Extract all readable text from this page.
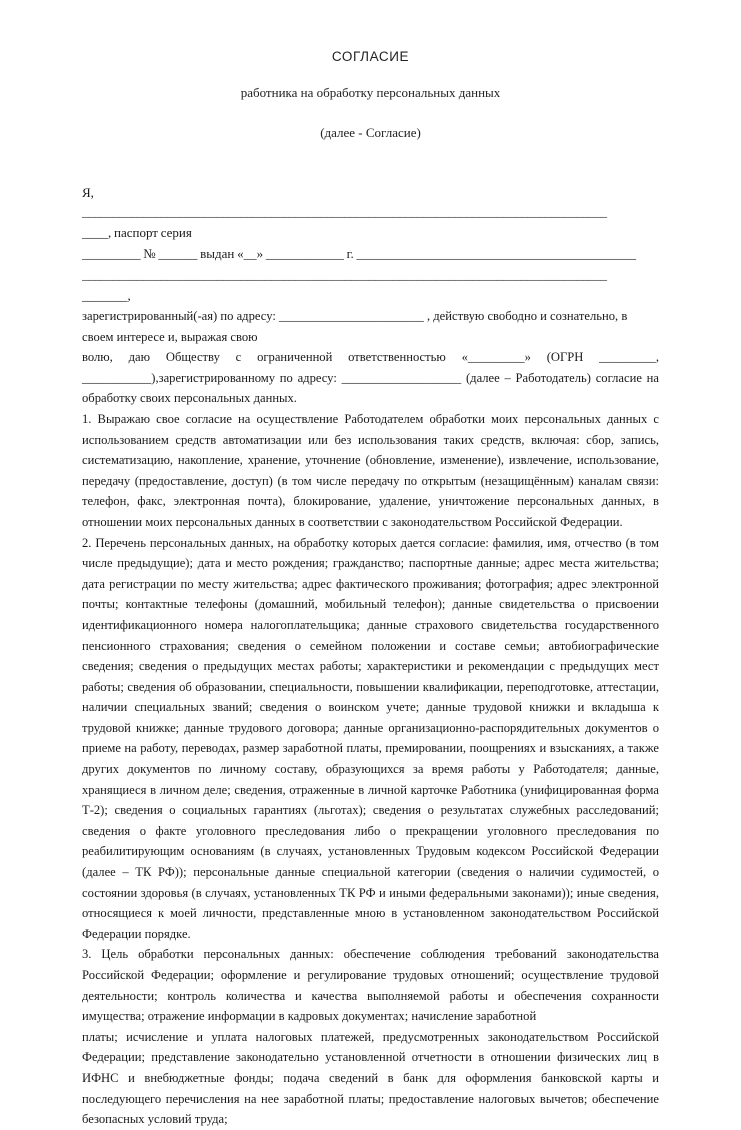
СОГЛАСИЕ

работника на обработку персональных данных

(далее - Согласие)

Я,

______________________________________________________________________________________
____, паспорт серия
_________ № ______ выдан «__» ____________ г. ___________________________________________
______________________________________________________________________________________
_______,

зарегистрированный(-ая) по адресу: _______________________ , действую свободно и сознательно, в своем интересе и, выражая свою

волю, даю Обществу с ограниченной ответственностью «_________» (ОГРН _________, ___________),зарегистрированному по адресу: ___________________ (далее – Работодатель) согласие на обработку своих персональных данных.

1. Выражаю свое согласие на осуществление Работодателем обработки моих персональных данных с использованием средств автоматизации или без использования таких средств, включая: сбор, запись, систематизацию, накопление, хранение, уточнение (обновление, изменение), извлечение, использование, передачу (предоставление, доступ) (в том числе передачу по открытым (незащищённым) каналам связи: телефон, факс, электронная почта), блокирование, удаление, уничтожение персональных данных, в отношении моих персональных данных в соответствии с законодательством Российской Федерации.

2. Перечень персональных данных, на обработку которых дается согласие: фамилия, имя, отчество (в том числе предыдущие); дата и место рождения; гражданство; паспортные данные; адрес места жительства; дата регистрации по месту жительства; адрес фактического проживания; фотография; адрес электронной почты; контактные телефоны (домашний, мобильный телефон); данные свидетельства о присвоении идентификационного номера налогоплательщика; данные страхового свидетельства государственного пенсионного страхования; сведения о семейном положении и составе семьи; автобиографические сведения; сведения о предыдущих местах работы; характеристики и рекомендации с предыдущих мест работы; сведения об образовании, специальности, повышении квалификации, переподготовке, аттестации, наличии специальных званий; сведения о воинском учете; данные трудовой книжки и вкладыша к трудовой книжке; данные трудового договора; данные организационно-распорядительных документов о приеме на работу, переводах, размер заработной платы, премировании, поощрениях и взысканиях, а также других документов по личному составу, образующихся за время работы у Работодателя; данные, хранящиеся в личном деле; сведения, отраженные в личной карточке Работника (унифицированная форма Т-2); сведения о социальных гарантиях (льготах); сведения о результатах служебных расследований; сведения о факте уголовного преследования либо о прекращении уголовного преследования по реабилитирующим основаниям (в случаях, установленных Трудовым кодексом Российской Федерации (далее – ТК РФ)); персональные данные специальной категории (сведения о наличии судимостей, о состоянии здоровья (в случаях, установленных ТК РФ и иными федеральными законами)); иные сведения, относящиеся к моей личности, представленные мною в установленном законодательством Российской Федерации порядке.

3. Цель обработки персональных данных: обеспечение соблюдения требований законодательства Российской Федерации; оформление и регулирование трудовых отношений; осуществление трудовой деятельности; контроль количества и качества выполняемой работы и обеспечения сохранности имущества; отражение информации в кадровых документах; начисление заработной

платы; исчисление и уплата налоговых платежей, предусмотренных законодательством Российской Федерации; представление законодательно установленной отчетности в отношении физических лиц в ИФНС и внебюджетные фонды; подача сведений в банк для оформления банковской карты и последующего перечисления на нее заработной платы; предоставление налоговых вычетов; обеспечение безопасных условий труда;
